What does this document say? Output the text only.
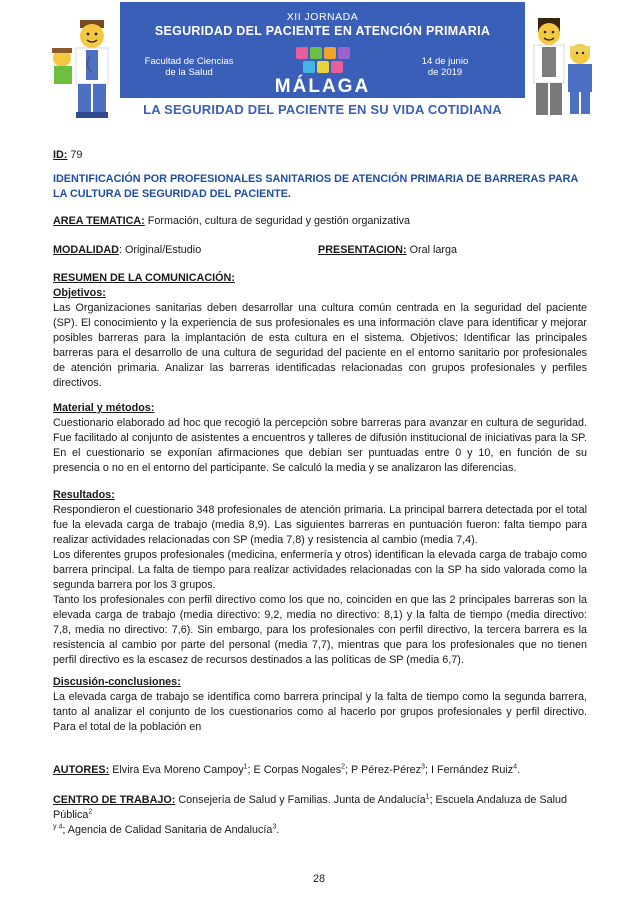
XII JORNADA
SEGURIDAD DEL PACIENTE EN ATENCIÓN PRIMARIA
Facultad de Ciencias
de la Salud
14 de junio
de 2019
MÁLAGA
LA SEGURIDAD DEL PACIENTE EN SU VIDA COTIDIANA

ID: 79

IDENTIFICACIÓN POR PROFESIONALES SANITARIOS DE ATENCIÓN PRIMARIA DE BARRERAS PARA LA CULTURA DE SEGURIDAD DEL PACIENTE.

AREA TEMATICA: Formación, cultura de seguridad y gestión organizativa

MODALIDAD: Original/Estudio	PRESENTACION: Oral larga

RESUMEN DE LA COMUNICACIÓN:

Objetivos:

Las Organizaciones sanitarias deben desarrollar una cultura común centrada en la seguridad del paciente (SP). El conocimiento y la experiencia de sus profesionales es una información clave para identificar y mejorar posibles barreras para la implantación de esta cultura en el sistema. Objetivos: Identificar las principales barreras para el desarrollo de una cultura de seguridad del paciente en el entorno sanitario por profesionales de atención primaria. Analizar las barreras identificadas relacionadas con grupos profesionales y perfiles directivos.

Material y métodos:

Cuestionario elaborado ad hoc que recogió la percepción sobre barreras para avanzar en cultura de seguridad. Fue facilitado al conjunto de asistentes a encuentros y talleres de difusión institucional de iniciativas para la SP. En el cuestionario se exponían afirmaciones que debían ser puntuadas entre 0 y 10, en función de su presencia o no en el entorno del participante. Se calculó la media y se analizaron las diferencias.

Resultados:

Respondieron el cuestionario 348 profesionales de atención primaria. La principal barrera detectada por el total fue la elevada carga de trabajo (media 8,9). Las siguientes barreras en puntuación fueron: falta tiempo para realizar actividades relacionadas con SP (media 7,8) y resistencia al cambio (media 7,4).

Los diferentes grupos profesionales (medicina, enfermería y otros) identifican la elevada carga de trabajo como barrera principal. La falta de tiempo para realizar actividades relacionadas con la SP ha sido valorada como la segunda barrera por los 3 grupos.

Tanto los profesionales con perfil directivo como los que no, coinciden en que las 2 principales barreras son la elevada carga de trabajo (media directivo: 9,2, media no directivo: 8,1) y la falta de tiempo (media directivo: 7,8, media no directivo: 7,6). Sin embargo, para los profesionales con perfil directivo, la tercera barrera es la resistencia al cambio por parte del personal (media 7,7), mientras que para los profesionales que no tienen perfil directivo es la escasez de recursos destinados a las políticas de SP (media 6,7).

Discusión-conclusiones:

La elevada carga de trabajo se identifica como barrera principal y la falta de tiempo como la segunda barrera, tanto al analizar el conjunto de los cuestionarios como al hacerlo por grupos profesionales y perfil directivo. Para el total de la población en

AUTORES: Elvira Eva Moreno Campoy$^1$; E Corpas Nogales$^2$; P Pérez-Pérez$^3$; I Fernández Ruiz$^4$.

CENTRO DE TRABAJO: Consejería de Salud y Familias. Junta de Andalucía$^1$; Escuela Andaluza de Salud Pública$^2$
$^{y 4}$; Agencia de Calidad Sanitaria de Andalucía$^3$.

28
